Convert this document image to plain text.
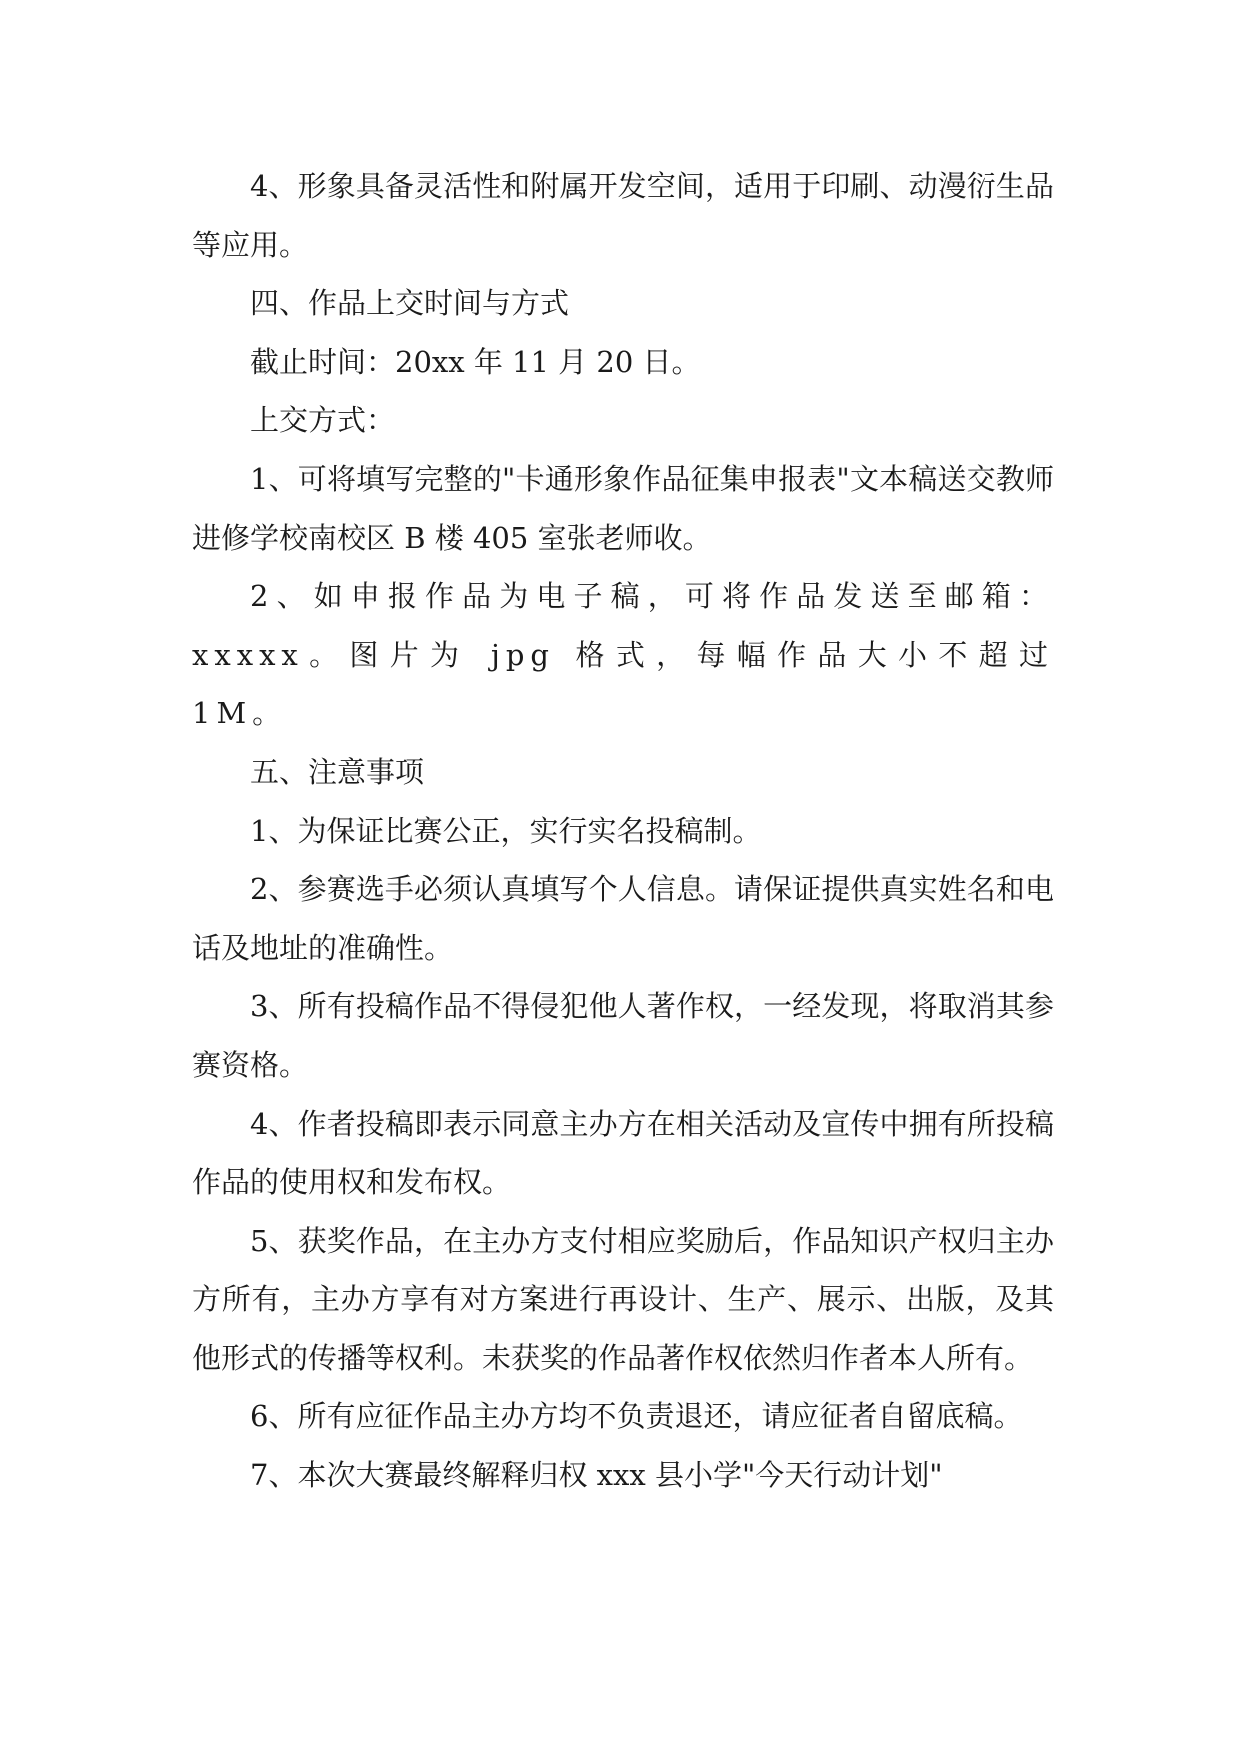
4、形象具备灵活性和附属开发空间，适用于印刷、动漫衍生品等应用。

四、作品上交时间与方式

截止时间：20xx 年 11 月 20 日。

上交方式：

1、可将填写完整的"卡通形象作品征集申报表"文本稿送交教师进修学校南校区 B 楼 405 室张老师收。

2、如申报作品为电子稿，可将作品发送至邮箱：xxxxx。图片为 jpg 格式，每幅作品大小不超过 1M。

五、注意事项

1、为保证比赛公正，实行实名投稿制。

2、参赛选手必须认真填写个人信息。请保证提供真实姓名和电话及地址的准确性。

3、所有投稿作品不得侵犯他人著作权，一经发现，将取消其参赛资格。

4、作者投稿即表示同意主办方在相关活动及宣传中拥有所投稿作品的使用权和发布权。

5、获奖作品，在主办方支付相应奖励后，作品知识产权归主办方所有，主办方享有对方案进行再设计、生产、展示、出版，及其他形式的传播等权利。未获奖的作品著作权依然归作者本人所有。

6、所有应征作品主办方均不负责退还，请应征者自留底稿。

7、本次大赛最终解释归权 xxx 县小学"今天行动计划"
